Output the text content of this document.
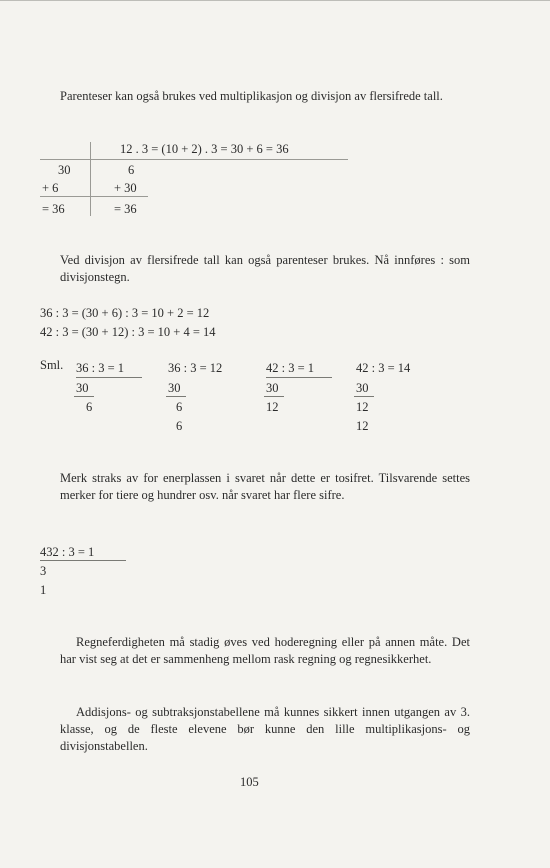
Parenteser kan også brukes ved multiplikasjon og divisjon av flersifrede tall.
12 . 3 = (10 + 2) . 3 = 30 + 6 = 36
30
+ 6
= 36
6
+ 30
= 36
Ved divisjon av flersifrede tall kan også parenteser brukes. Nå innføres : som divisjonstegn.
36 : 3 = (30 + 6) : 3 = 10 + 2 = 12
42 : 3 = (30 + 12) : 3 = 10 + 4 = 14
Sml. 36 : 3 = 1
30
6
36 : 3 = 12
30
6
6
42 : 3 = 1
30
12
42 : 3 = 14
30
12
12
Merk straks av for enerplassen i svaret når dette er tosifret. Tilsvarende settes merker for tiere og hundrer osv. når svaret har flere sifre.
432 : 3 = 1
3
1
Regneferdigheten må stadig øves ved hoderegning eller på annen måte. Det har vist seg at det er sammenheng mellom rask regning og regnesikkerhet.
Addisjons- og subtraksjonstabellene må kunnes sikkert innen utgangen av 3. klasse, og de fleste elevene bør kunne den lille multiplikasjons- og divisjonstabellen.
105
